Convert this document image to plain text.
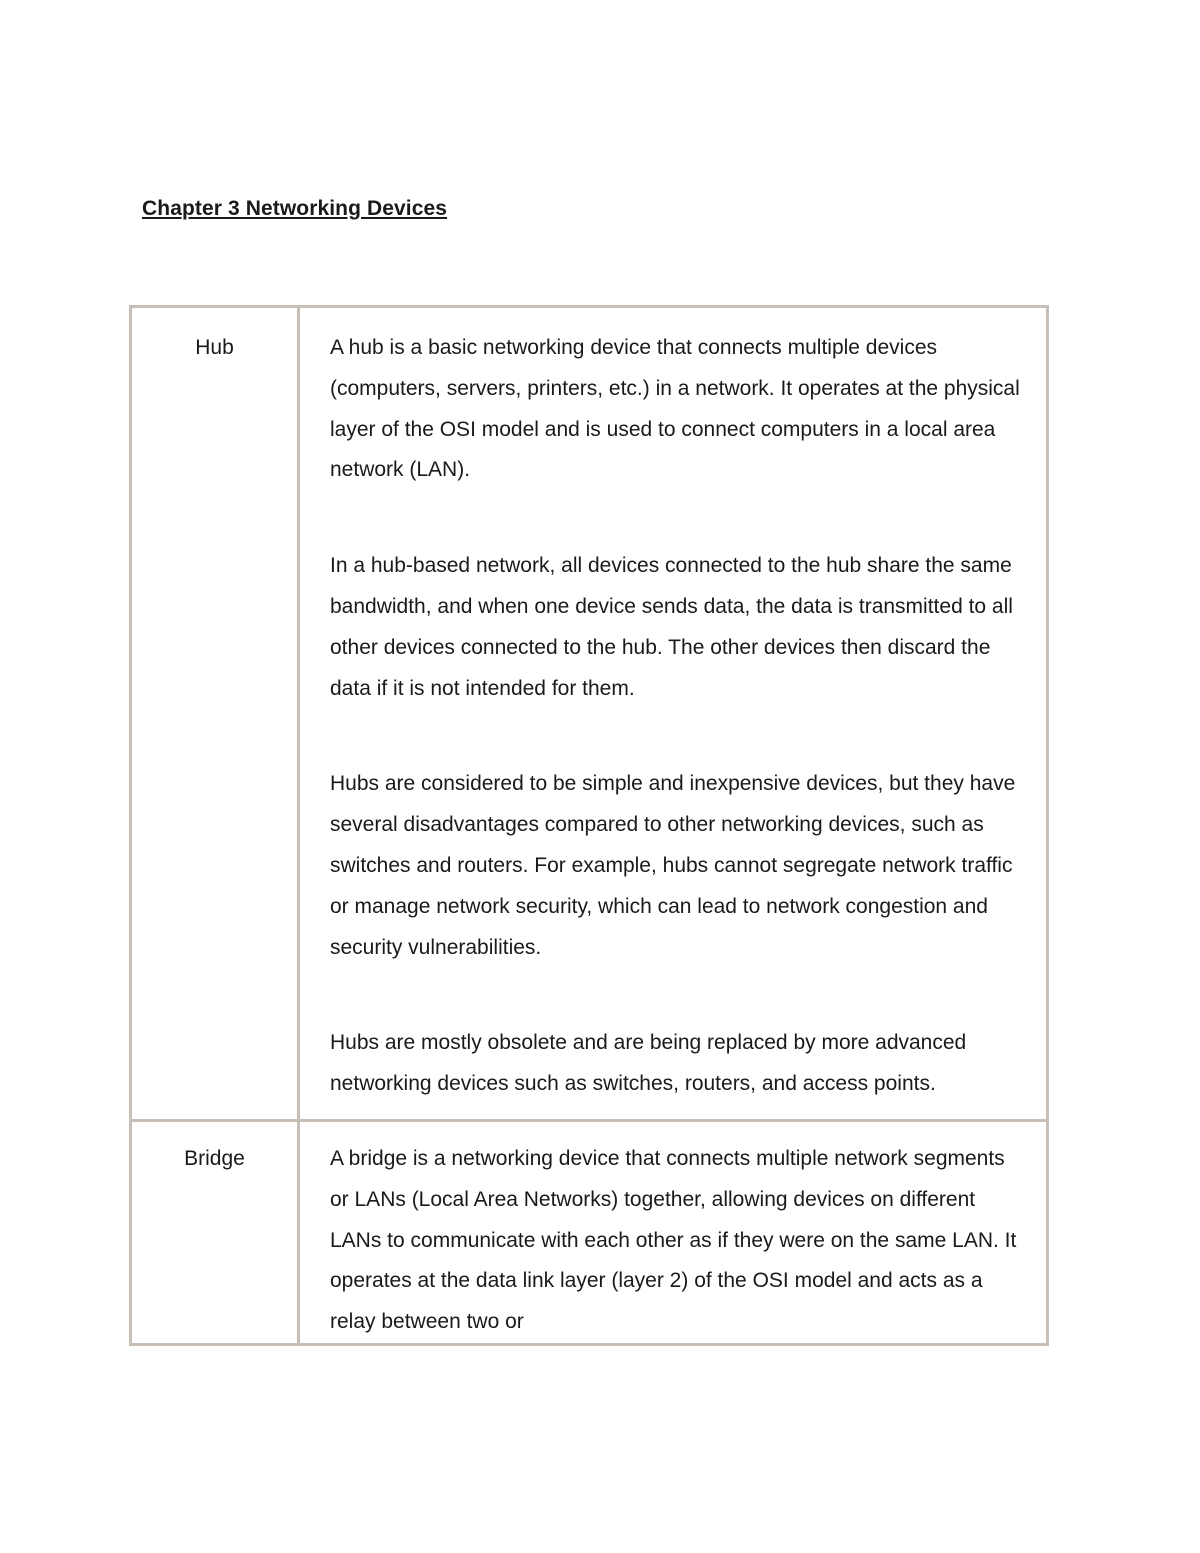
Chapter 3 Networking Devices
Hub	A hub is a basic networking device that connects multiple devices (computers, servers, printers, etc.) in a network. It operates at the physical layer of the OSI model and is used to connect computers in a local area network (LAN).

In a hub-based network, all devices connected to the hub share the same bandwidth, and when one device sends data, the data is transmitted to all other devices connected to the hub. The other devices then discard the data if it is not intended for them.

Hubs are considered to be simple and inexpensive devices, but they have several disadvantages compared to other networking devices, such as switches and routers. For example, hubs cannot segregate network traffic or manage network security, which can lead to network congestion and security vulnerabilities.

Hubs are mostly obsolete and are being replaced by more advanced networking devices such as switches, routers, and access points.

Bridge	A bridge is a networking device that connects multiple network segments or LANs (Local Area Networks) together, allowing devices on different LANs to communicate with each other as if they were on the same LAN. It operates at the data link layer (layer 2) of the OSI model and acts as a relay between two or
